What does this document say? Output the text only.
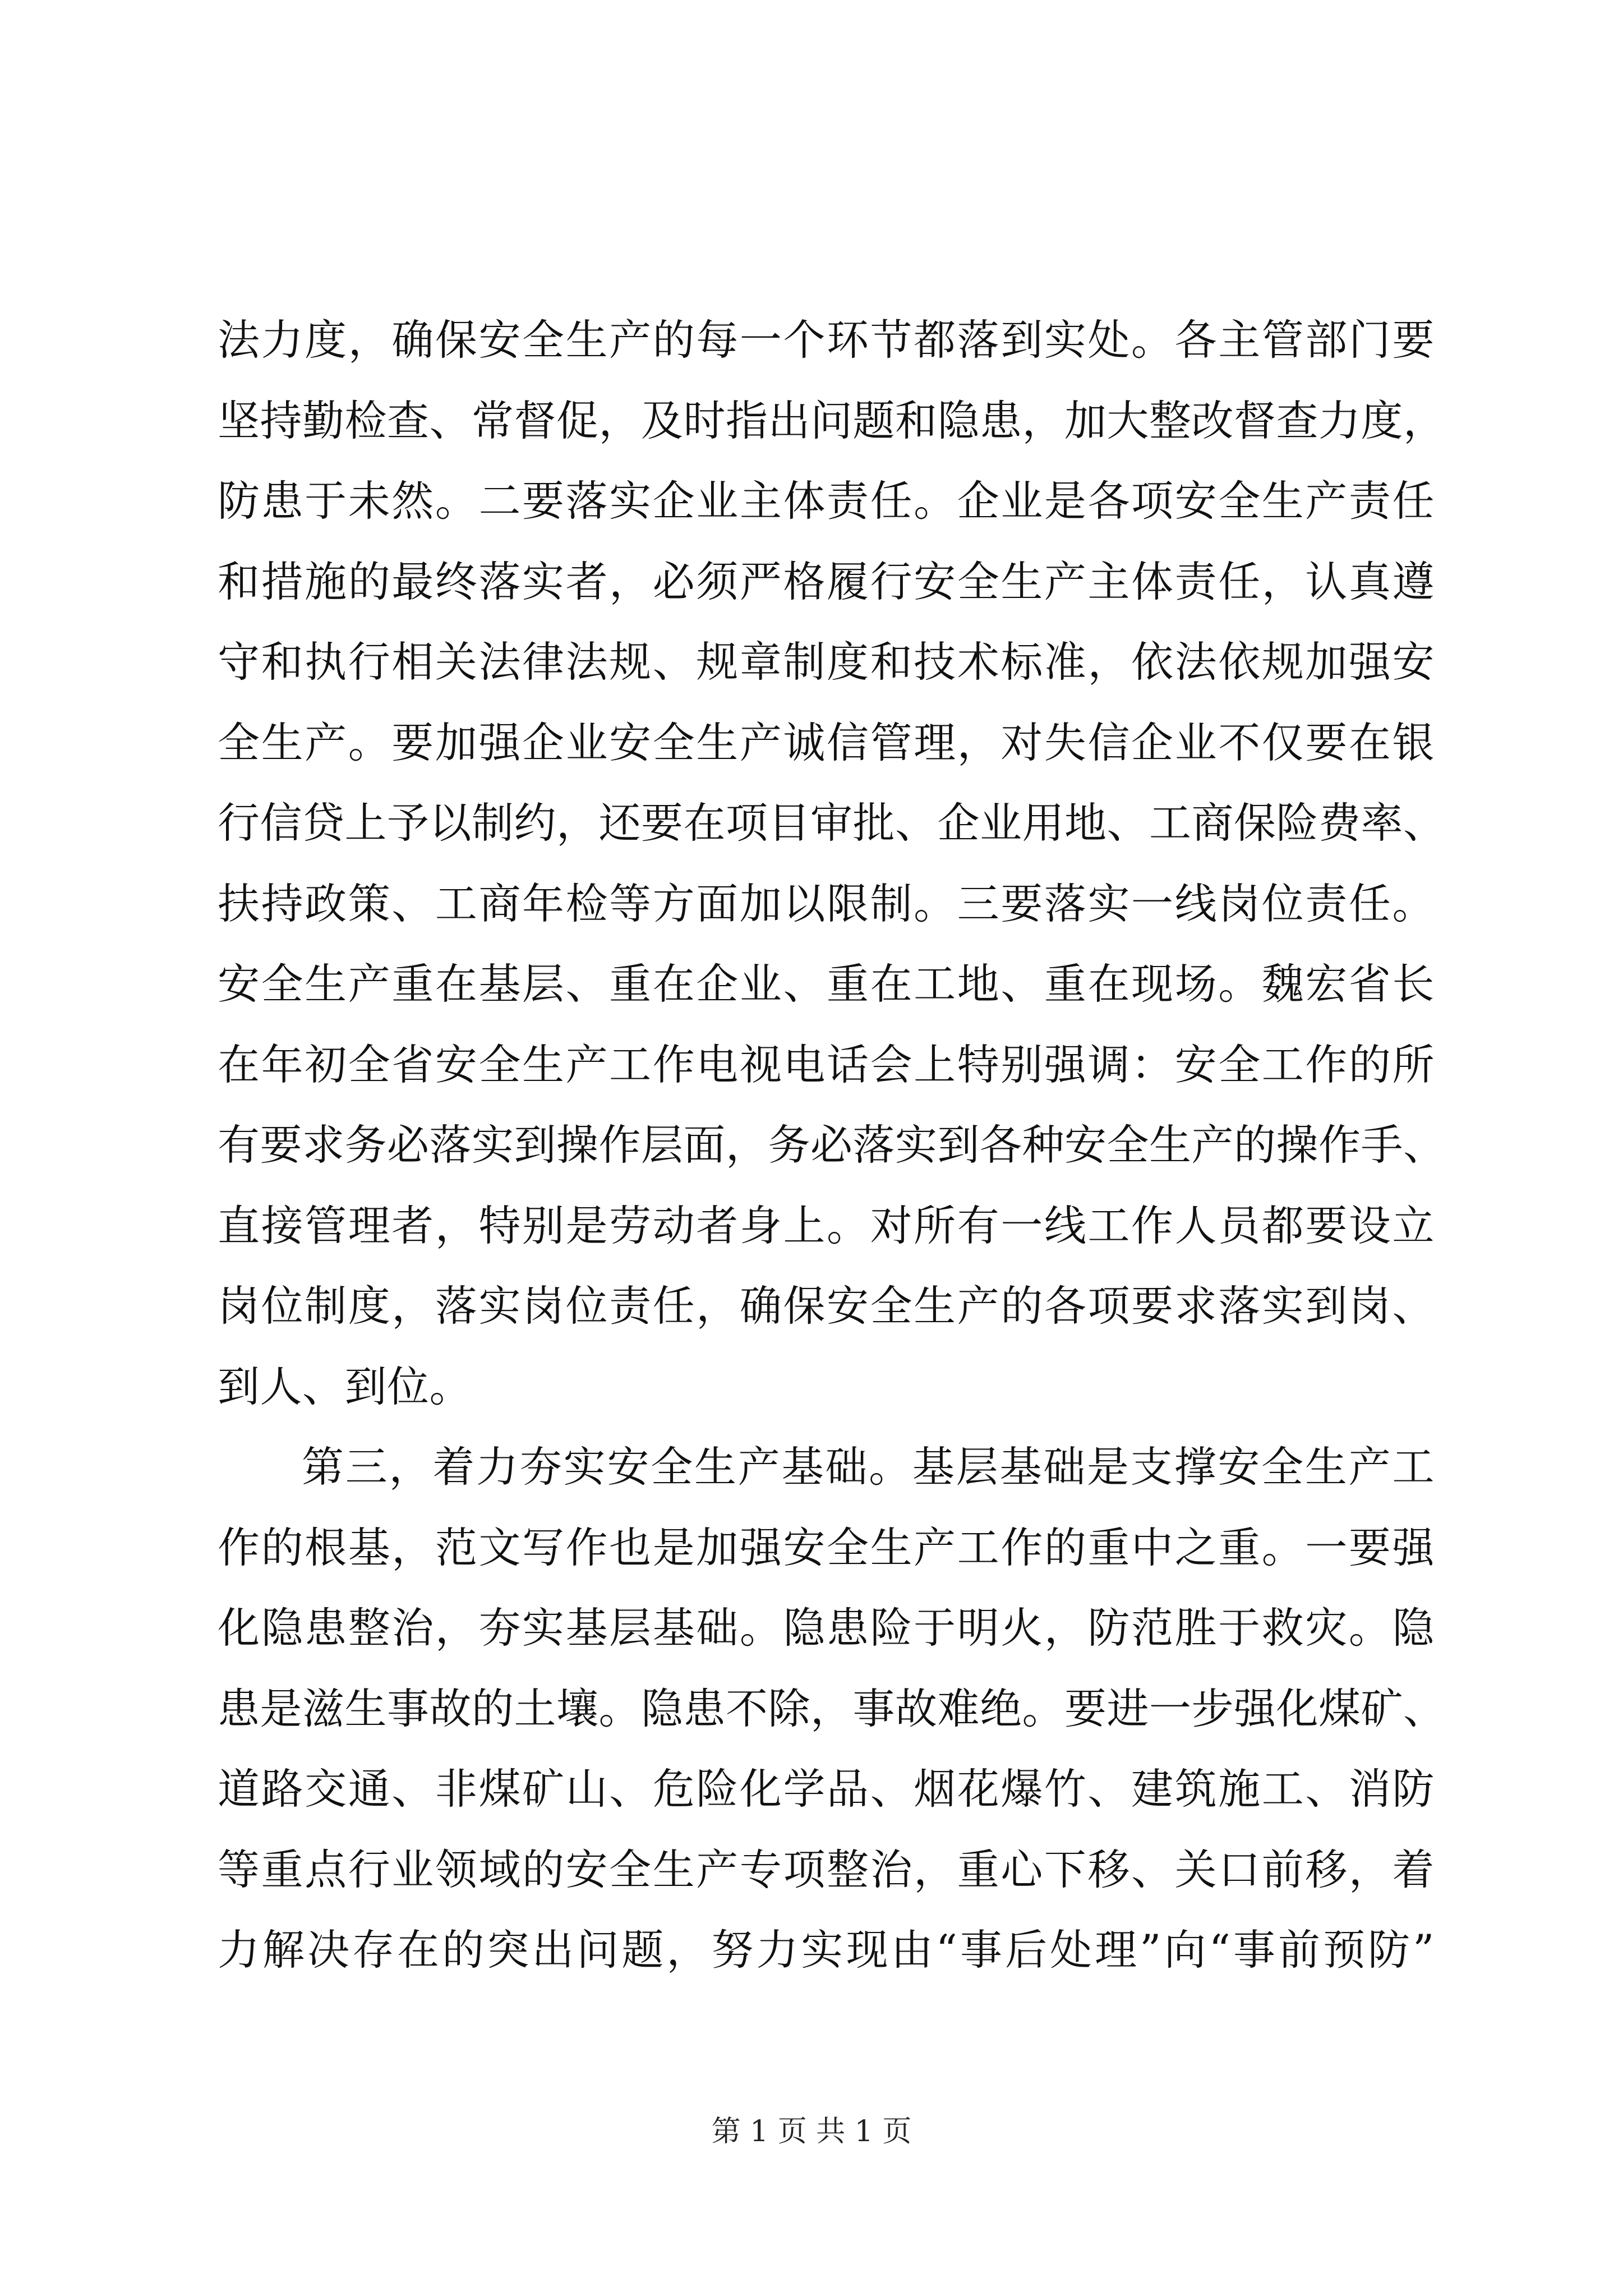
法力度，确保安全生产的每一个环节都落到实处。各主管部门要

坚持勤检查、常督促，及时指出问题和隐患，加大整改督查力度，

防患于未然。二要落实企业主体责任。企业是各项安全生产责任

和措施的最终落实者，必须严格履行安全生产主体责任，认真遵

守和执行相关法律法规、规章制度和技术标准，依法依规加强安

全生产。要加强企业安全生产诚信管理，对失信企业不仅要在银

行信贷上予以制约，还要在项目审批、企业用地、工商保险费率、

扶持政策、工商年检等方面加以限制。三要落实一线岗位责任。

安全生产重在基层、重在企业、重在工地、重在现场。魏宏省长

在年初全省安全生产工作电视电话会上特别强调：安全工作的所

有要求务必落实到操作层面，务必落实到各种安全生产的操作手、

直接管理者，特别是劳动者身上。对所有一线工作人员都要设立

岗位制度，落实岗位责任，确保安全生产的各项要求落实到岗、

到人、到位。

第三，着力夯实安全生产基础。基层基础是支撑安全生产工

作的根基，范文写作也是加强安全生产工作的重中之重。一要强

化隐患整治，夯实基层基础。隐患险于明火，防范胜于救灾。隐

患是滋生事故的土壤。隐患不除，事故难绝。要进一步强化煤矿、

道路交通、非煤矿山、危险化学品、烟花爆竹、建筑施工、消防

等重点行业领域的安全生产专项整治，重心下移、关口前移，着

力解决存在的突出问题，努力实现由“事后处理”向“事前预防”

第 1 页 共 1 页
